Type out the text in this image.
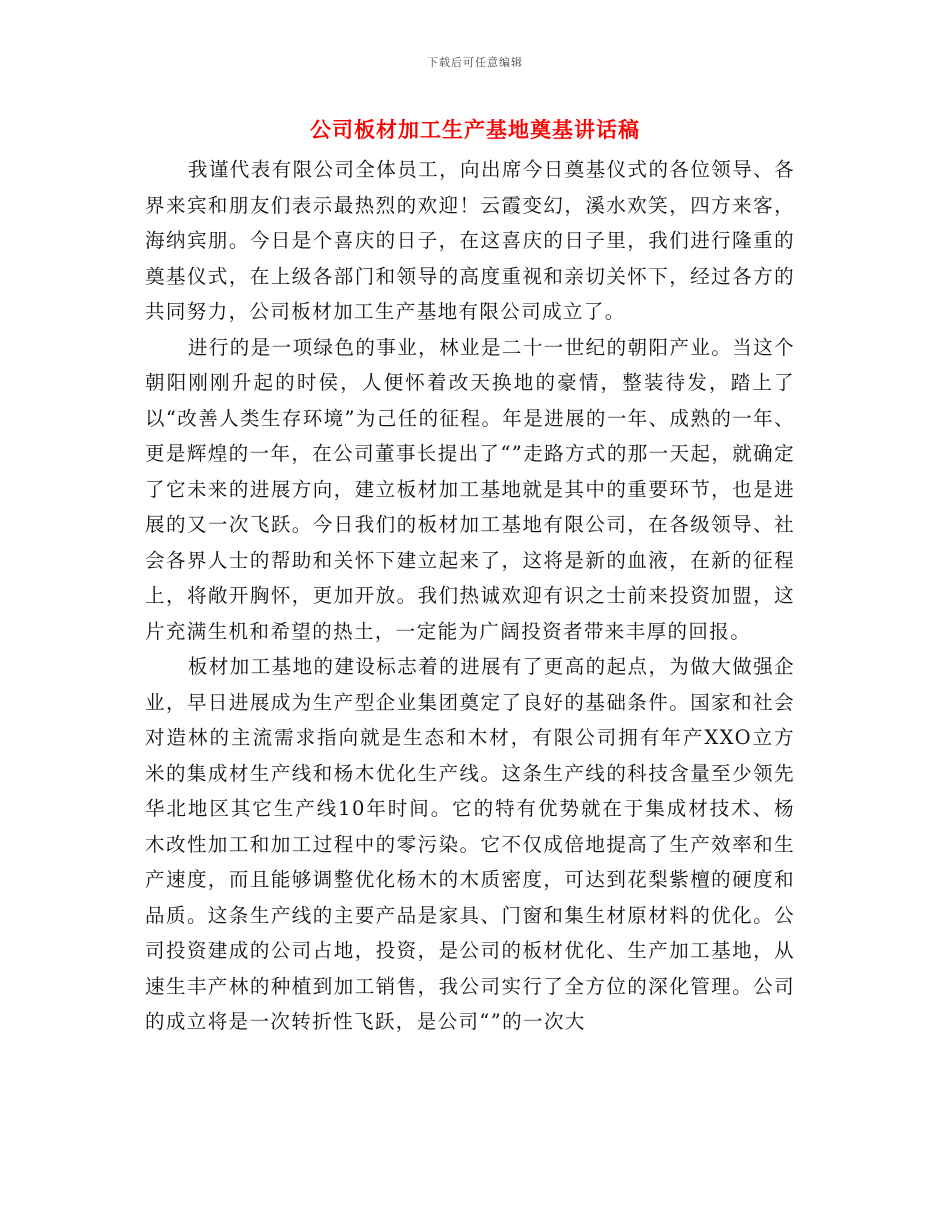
下载后可任意编辑
公司板材加工生产基地奠基讲话稿

我谨代表有限公司全体员工，向出席今日奠基仪式的各位领导、各界来宾和朋友们表示最热烈的欢迎！云霞变幻，溪水欢笑，四方来客，海纳宾朋。今日是个喜庆的日子，在这喜庆的日子里，我们进行隆重的奠基仪式，在上级各部门和领导的高度重视和亲切关怀下，经过各方的共同努力，公司板材加工生产基地有限公司成立了。

进行的是一项绿色的事业，林业是二十一世纪的朝阳产业。当这个朝阳刚刚升起的时侯，人便怀着改天换地的豪情，整装待发，踏上了以“改善人类生存环境”为己任的征程。年是进展的一年、成熟的一年、更是辉煌的一年，在公司董事长提出了“”走路方式的那一天起，就确定了它未来的进展方向，建立板材加工基地就是其中的重要环节，也是进展的又一次飞跃。今日我们的板材加工基地有限公司，在各级领导、社会各界人士的帮助和关怀下建立起来了，这将是新的血液，在新的征程上，将敞开胸怀，更加开放。我们热诚欢迎有识之士前来投资加盟，这片充满生机和希望的热土，一定能为广阔投资者带来丰厚的回报。

板材加工基地的建设标志着的进展有了更高的起点，为做大做强企业，早日进展成为生产型企业集团奠定了良好的基础条件。国家和社会对造林的主流需求指向就是生态和木材，有限公司拥有年产XXO立方米的集成材生产线和杨木优化生产线。这条生产线的科技含量至少领先华北地区其它生产线10年时间。它的特有优势就在于集成材技术、杨木改性加工和加工过程中的零污染。它不仅成倍地提高了生产效率和生产速度，而且能够调整优化杨木的木质密度，可达到花梨紫檀的硬度和品质。这条生产线的主要产品是家具、门窗和集生材原材料的优化。公司投资建成的公司占地，投资，是公司的板材优化、生产加工基地，从速生丰产林的种植到加工销售，我公司实行了全方位的深化管理。公司的成立将是一次转折性飞跃，是公司“”的一次大
